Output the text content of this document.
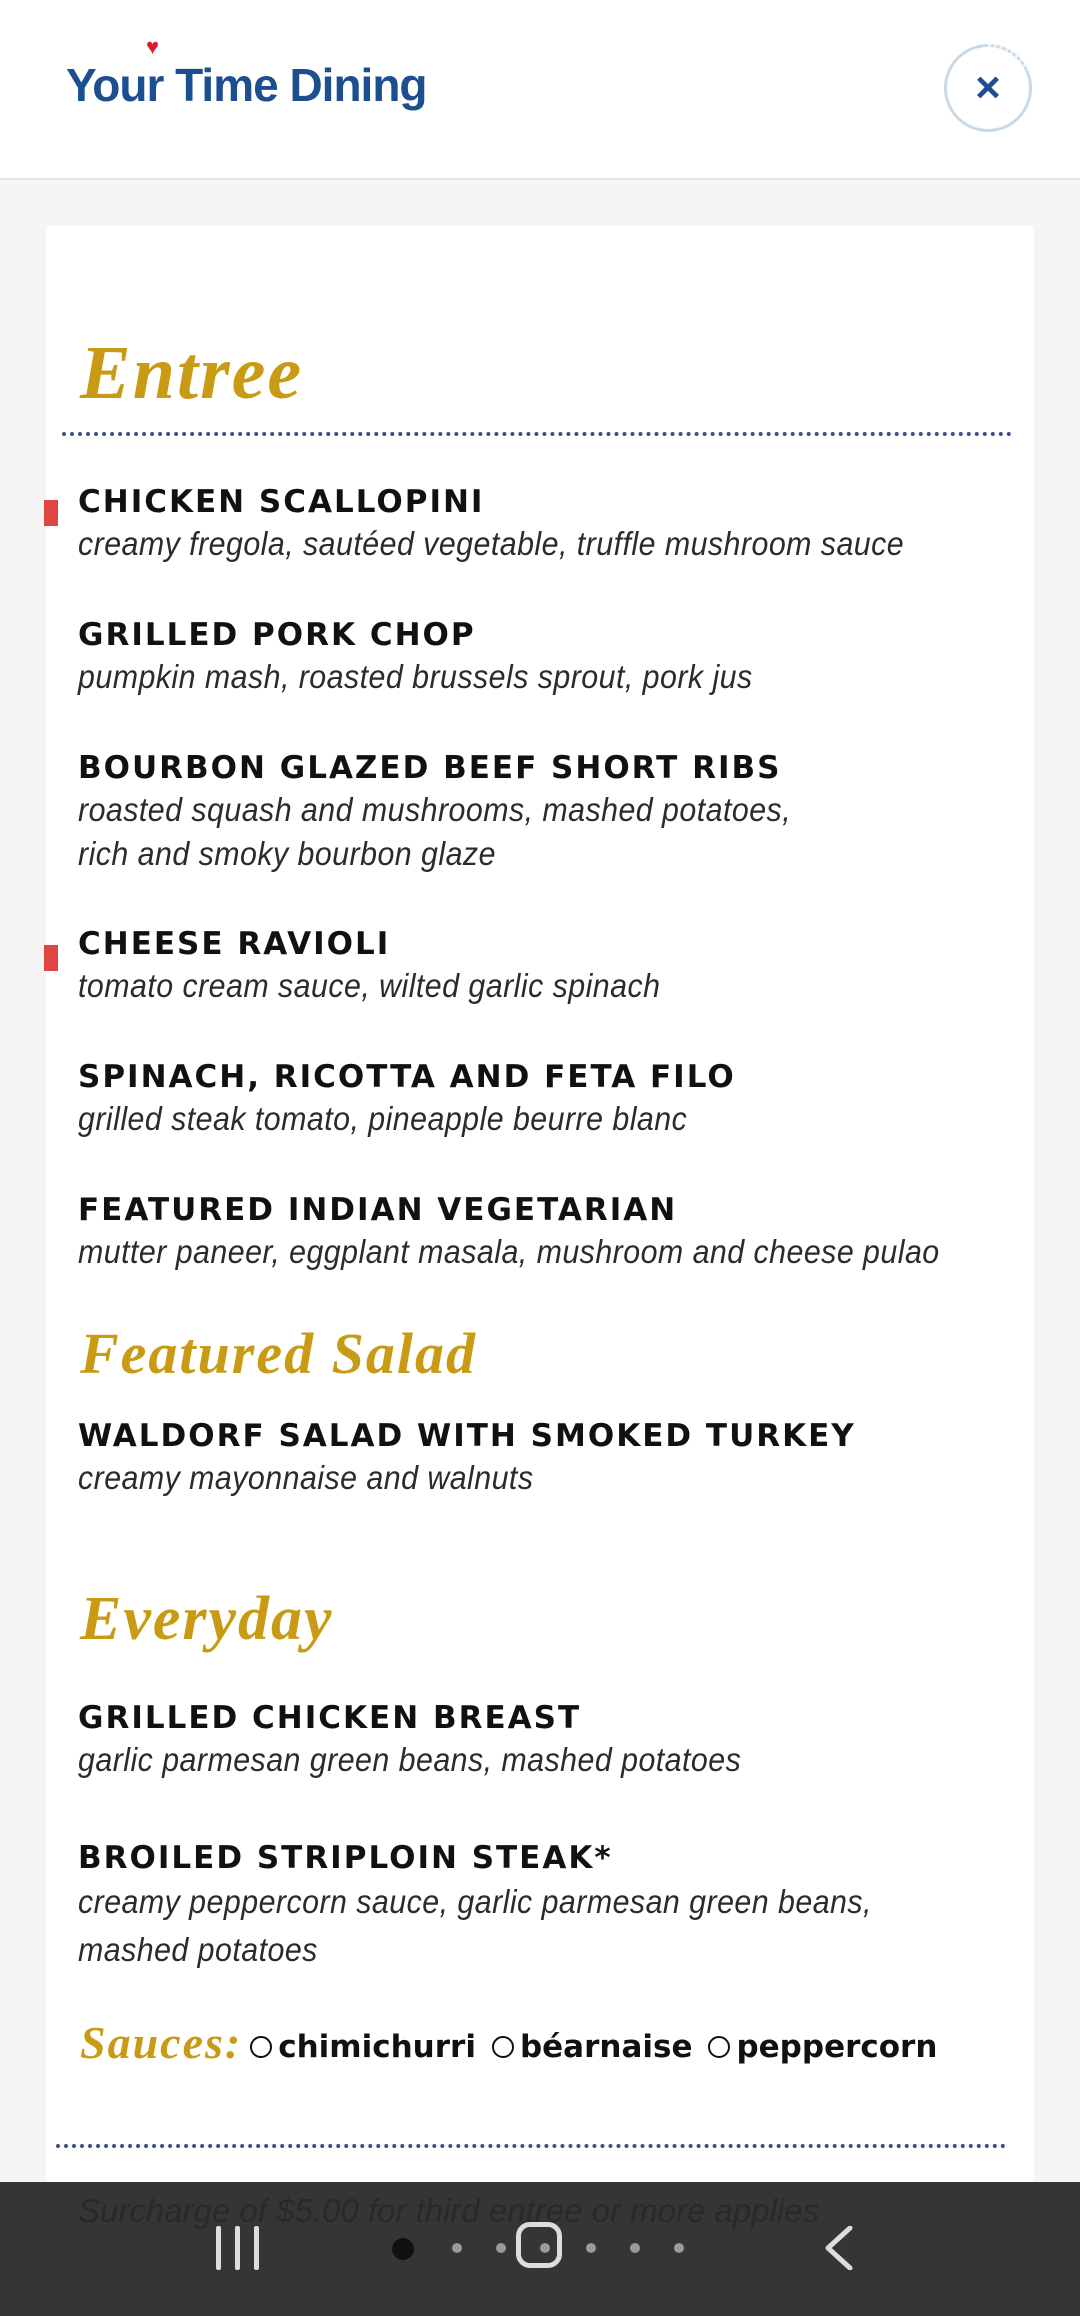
♥
Your Time Dining	×
Entree
CHICKEN SCALLOPINI
creamy fregola, sautéed vegetable, truffle mushroom sauce
GRILLED PORK CHOP
pumpkin mash, roasted brussels sprout, pork jus
BOURBON GLAZED BEEF SHORT RIBS
roasted squash and mushrooms, mashed potatoes,
rich and smoky bourbon glaze
CHEESE RAVIOLI
tomato cream sauce, wilted garlic spinach
SPINACH, RICOTTA AND FETA FILO
grilled steak tomato, pineapple beurre blanc
FEATURED INDIAN VEGETARIAN
mutter paneer, eggplant masala, mushroom and cheese pulao
Featured Salad
WALDORF SALAD WITH SMOKED TURKEY
creamy mayonnaise and walnuts
Everyday
GRILLED CHICKEN BREAST
garlic parmesan green beans, mashed potatoes
BROILED STRIPLOIN STEAK*
creamy peppercorn sauce, garlic parmesan green beans,
mashed potatoes
Sauces: chimichurri béarnaise peppercorn
